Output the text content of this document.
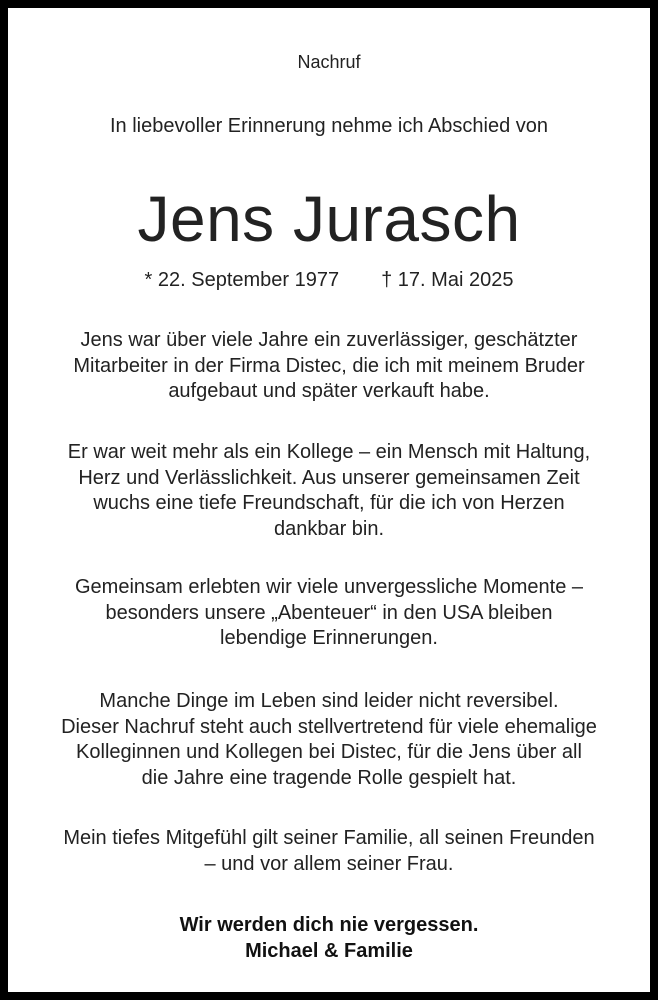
Nachruf

In liebevoller Erinnerung nehme ich Abschied von

Jens Jurasch

* 22. September 1977 † 17. Mai 2025

Jens war über viele Jahre ein zuverlässiger, geschätzter
Mitarbeiter in der Firma Distec, die ich mit meinem Bruder
aufgebaut und später verkauft habe.
Er war weit mehr als ein Kollege – ein Mensch mit Haltung,
Herz und Verlässlichkeit. Aus unserer gemeinsamen Zeit
wuchs eine tiefe Freundschaft, für die ich von Herzen
dankbar bin.
Gemeinsam erlebten wir viele unvergessliche Momente –
besonders unsere „Abenteuer“ in den USA bleiben
lebendige Erinnerungen.
Manche Dinge im Leben sind leider nicht reversibel.
Dieser Nachruf steht auch stellvertretend für viele ehemalige
Kolleginnen und Kollegen bei Distec, für die Jens über all
die Jahre eine tragende Rolle gespielt hat.
Mein tiefes Mitgefühl gilt seiner Familie, all seinen Freunden
– und vor allem seiner Frau.
Wir werden dich nie vergessen.
Michael & Familie
